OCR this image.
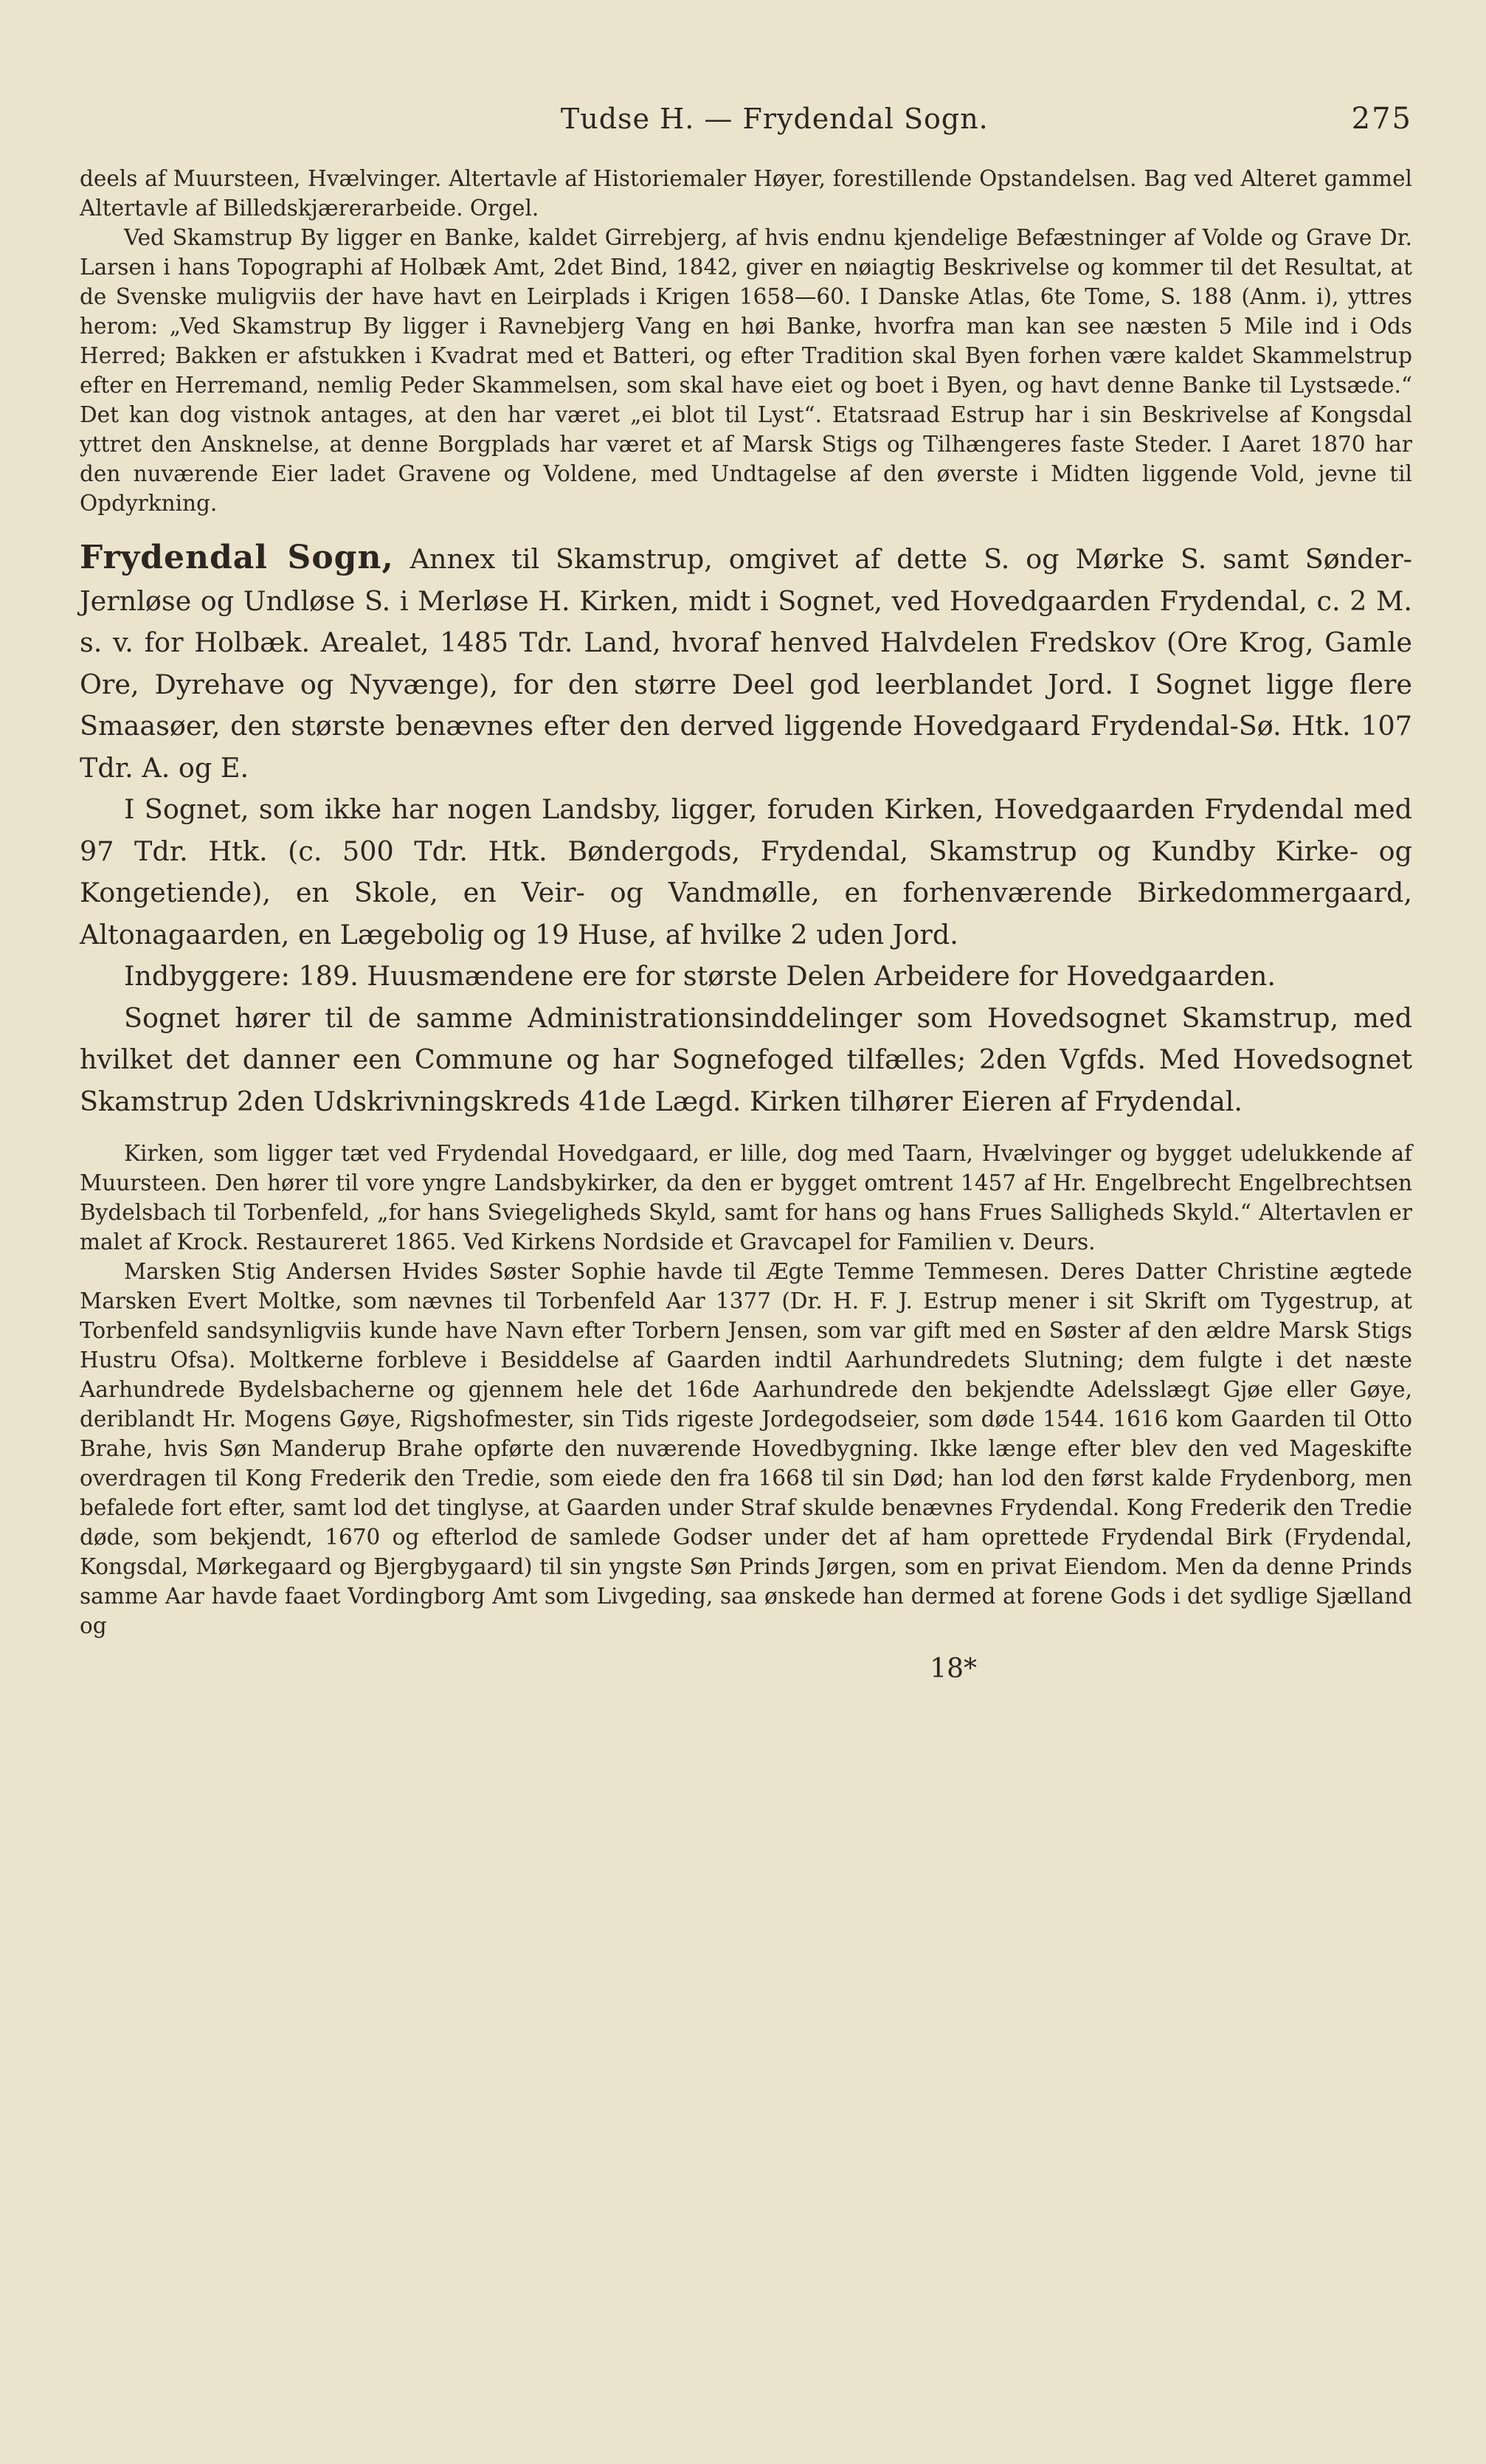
Tudse H. — Frydendal Sogn.	275

deels af Muursteen, Hvælvinger. Altertavle af Historiemaler Høyer, forestillende Opstandelsen. Bag ved Alteret gammel Altertavle af Billedskjærerarbeide. Orgel.

Ved Skamstrup By ligger en Banke, kaldet Girrebjerg, af hvis endnu kjendelige Befæstninger af Volde og Grave Dr. Larsen i hans Topographi af Holbæk Amt, 2det Bind, 1842, giver en nøiagtig Beskrivelse og kommer til det Resultat, at de Svenske muligviis der have havt en Leirplads i Krigen 1658—60. I Danske Atlas, 6te Tome, S. 188 (Anm. i), yttres herom: „Ved Skamstrup By ligger i Ravnebjerg Vang en høi Banke, hvorfra man kan see næsten 5 Mile ind i Ods Herred; Bakken er afstukken i Kvadrat med et Batteri, og efter Tradition skal Byen forhen være kaldet Skammelstrup efter en Herremand, nemlig Peder Skammelsen, som skal have eiet og boet i Byen, og havt denne Banke til Lystsæde.“ Det kan dog vistnok antages, at den har været „ei blot til Lyst“. Etatsraad Estrup har i sin Beskrivelse af Kongsdal yttret den Ansknelse, at denne Borgplads har været et af Marsk Stigs og Tilhængeres faste Steder. I Aaret 1870 har den nuværende Eier ladet Gravene og Voldene, med Undtagelse af den øverste i Midten liggende Vold, jevne til Opdyrkning.

Frydendal Sogn, Annex til Skamstrup, omgivet af dette S. og Mørke S. samt Sønder-Jernløse og Undløse S. i Merløse H. Kirken, midt i Sognet, ved Hovedgaarden Frydendal, c. 2 M. s. v. for Holbæk. Arealet, 1485 Tdr. Land, hvoraf henved Halvdelen Fredskov (Ore Krog, Gamle Ore, Dyrehave og Nyvænge), for den større Deel god leerblandet Jord. I Sognet ligge flere Smaasøer, den største benævnes efter den derved liggende Hovedgaard Frydendal-Sø. Htk. 107 Tdr. A. og E.

I Sognet, som ikke har nogen Landsby, ligger, foruden Kirken, Hovedgaarden Frydendal med 97 Tdr. Htk. (c. 500 Tdr. Htk. Bøndergods, Frydendal, Skamstrup og Kundby Kirke- og Kongetiende), en Skole, en Veir- og Vandmølle, en forhenværende Birkedommergaard, Altonagaarden, en Lægebolig og 19 Huse, af hvilke 2 uden Jord.

Indbyggere: 189. Huusmændene ere for største Delen Arbeidere for Hovedgaarden.

Sognet hører til de samme Administrationsinddelinger som Hovedsognet Skamstrup, med hvilket det danner een Commune og har Sognefoged tilfælles; 2den Vgfds. Med Hovedsognet Skamstrup 2den Udskrivningskreds 41de Lægd. Kirken tilhører Eieren af Frydendal.

Kirken, som ligger tæt ved Frydendal Hovedgaard, er lille, dog med Taarn, Hvælvinger og bygget udelukkende af Muursteen. Den hører til vore yngre Landsbykirker, da den er bygget omtrent 1457 af Hr. Engelbrecht Engelbrechtsen Bydelsbach til Torbenfeld, „for hans Sviegeligheds Skyld, samt for hans og hans Frues Salligheds Skyld.“ Altertavlen er malet af Krock. Restaureret 1865. Ved Kirkens Nordside et Gravcapel for Familien v. Deurs.

Marsken Stig Andersen Hvides Søster Sophie havde til Ægte Temme Temmesen. Deres Datter Christine ægtede Marsken Evert Moltke, som nævnes til Torbenfeld Aar 1377 (Dr. H. F. J. Estrup mener i sit Skrift om Tygestrup, at Torbenfeld sandsynligviis kunde have Navn efter Torbern Jensen, som var gift med en Søster af den ældre Marsk Stigs Hustru Ofsa). Moltkerne forbleve i Besiddelse af Gaarden indtil Aarhundredets Slutning; dem fulgte i det næste Aarhundrede Bydelsbacherne og gjennem hele det 16de Aarhundrede den bekjendte Adelsslægt Gjøe eller Gøye, deriblandt Hr. Mogens Gøye, Rigshofmester, sin Tids rigeste Jordegodseier, som døde 1544. 1616 kom Gaarden til Otto Brahe, hvis Søn Manderup Brahe opførte den nuværende Hovedbygning. Ikke længe efter blev den ved Mageskifte overdragen til Kong Frederik den Tredie, som eiede den fra 1668 til sin Død; han lod den først kalde Frydenborg, men befalede fort efter, samt lod det tinglyse, at Gaarden under Straf skulde benævnes Frydendal. Kong Frederik den Tredie døde, som bekjendt, 1670 og efterlod de samlede Godser under det af ham oprettede Frydendal Birk (Frydendal, Kongsdal, Mørkegaard og Bjergbygaard) til sin yngste Søn Prinds Jørgen, som en privat Eiendom. Men da denne Prinds samme Aar havde faaet Vordingborg Amt som Livgeding, saa ønskede han dermed at forene Gods i det sydlige Sjælland og

18*
